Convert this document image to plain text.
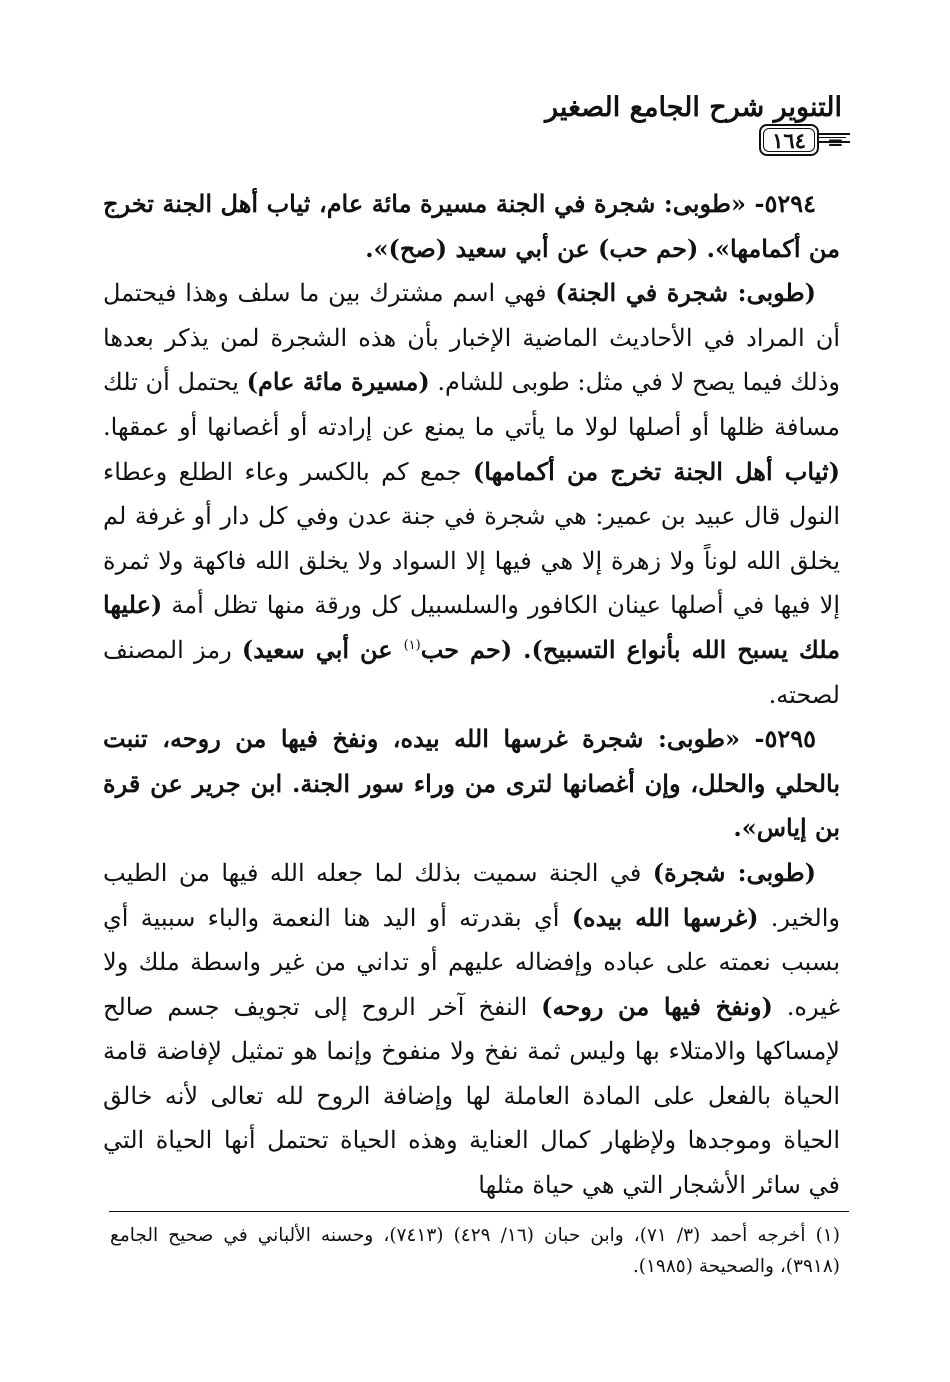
التنوير شرح الجامع الصغير
١٦٤ =

٥٢٩٤- «طوبى: شجرة في الجنة مسيرة مائة عام، ثياب أهل الجنة تخرج من أكمامها». (حم حب) عن أبي سعيد (صح)».

(طوبى: شجرة في الجنة) فهي اسم مشترك بين ما سلف وهذا فيحتمل أن المراد في الأحاديث الماضية الإخبار بأن هذه الشجرة لمن يذكر بعدها وذلك فيما يصح لا في مثل: طوبى للشام. (مسيرة مائة عام) يحتمل أن تلك مسافة ظلها أو أصلها لولا ما يأتي ما يمنع عن إرادته أو أغصانها أو عمقها. (ثياب أهل الجنة تخرج من أكمامها) جمع كم بالكسر وعاء الطلع وعطاء النول قال عبيد بن عمير: هي شجرة في جنة عدن وفي كل دار أو غرفة لم يخلق الله لوناً ولا زهرة إلا هي فيها إلا السواد ولا يخلق الله فاكهة ولا ثمرة إلا فيها في أصلها عينان الكافور والسلسبيل كل ورقة منها تظل أمة (عليها ملك يسبح الله بأنواع التسبيح). (حم حب$^{(١)}$ عن أبي سعيد) رمز المصنف لصحته.

٥٢٩٥- «طوبى: شجرة غرسها الله بيده، ونفخ فيها من روحه، تنبت بالحلي والحلل، وإن أغصانها لترى من وراء سور الجنة. ابن جرير عن قرة بن إياس».

(طوبى: شجرة) في الجنة سميت بذلك لما جعله الله فيها من الطيب والخير. (غرسها الله بيده) أي بقدرته أو اليد هنا النعمة والباء سببية أي بسبب نعمته على عباده وإفضاله عليهم أو تداني من غير واسطة ملك ولا غيره. (ونفخ فيها من روحه) النفخ آخر الروح إلى تجويف جسم صالح لإمساكها والامتلاء بها وليس ثمة نفخ ولا منفوخ وإنما هو تمثيل لإفاضة قامة الحياة بالفعل على المادة العاملة لها وإضافة الروح لله تعالى لأنه خالق الحياة وموجدها ولإظهار كمال العناية وهذه الحياة تحتمل أنها الحياة التي في سائر الأشجار التي هي حياة مثلها

(١) أخرجه أحمد (٣/ ٧١)، وابن حبان (١٦/ ٤٢٩) (٧٤١٣)، وحسنه الألباني في صحيح الجامع (٣٩١٨)، والصحيحة (١٩٨٥).
